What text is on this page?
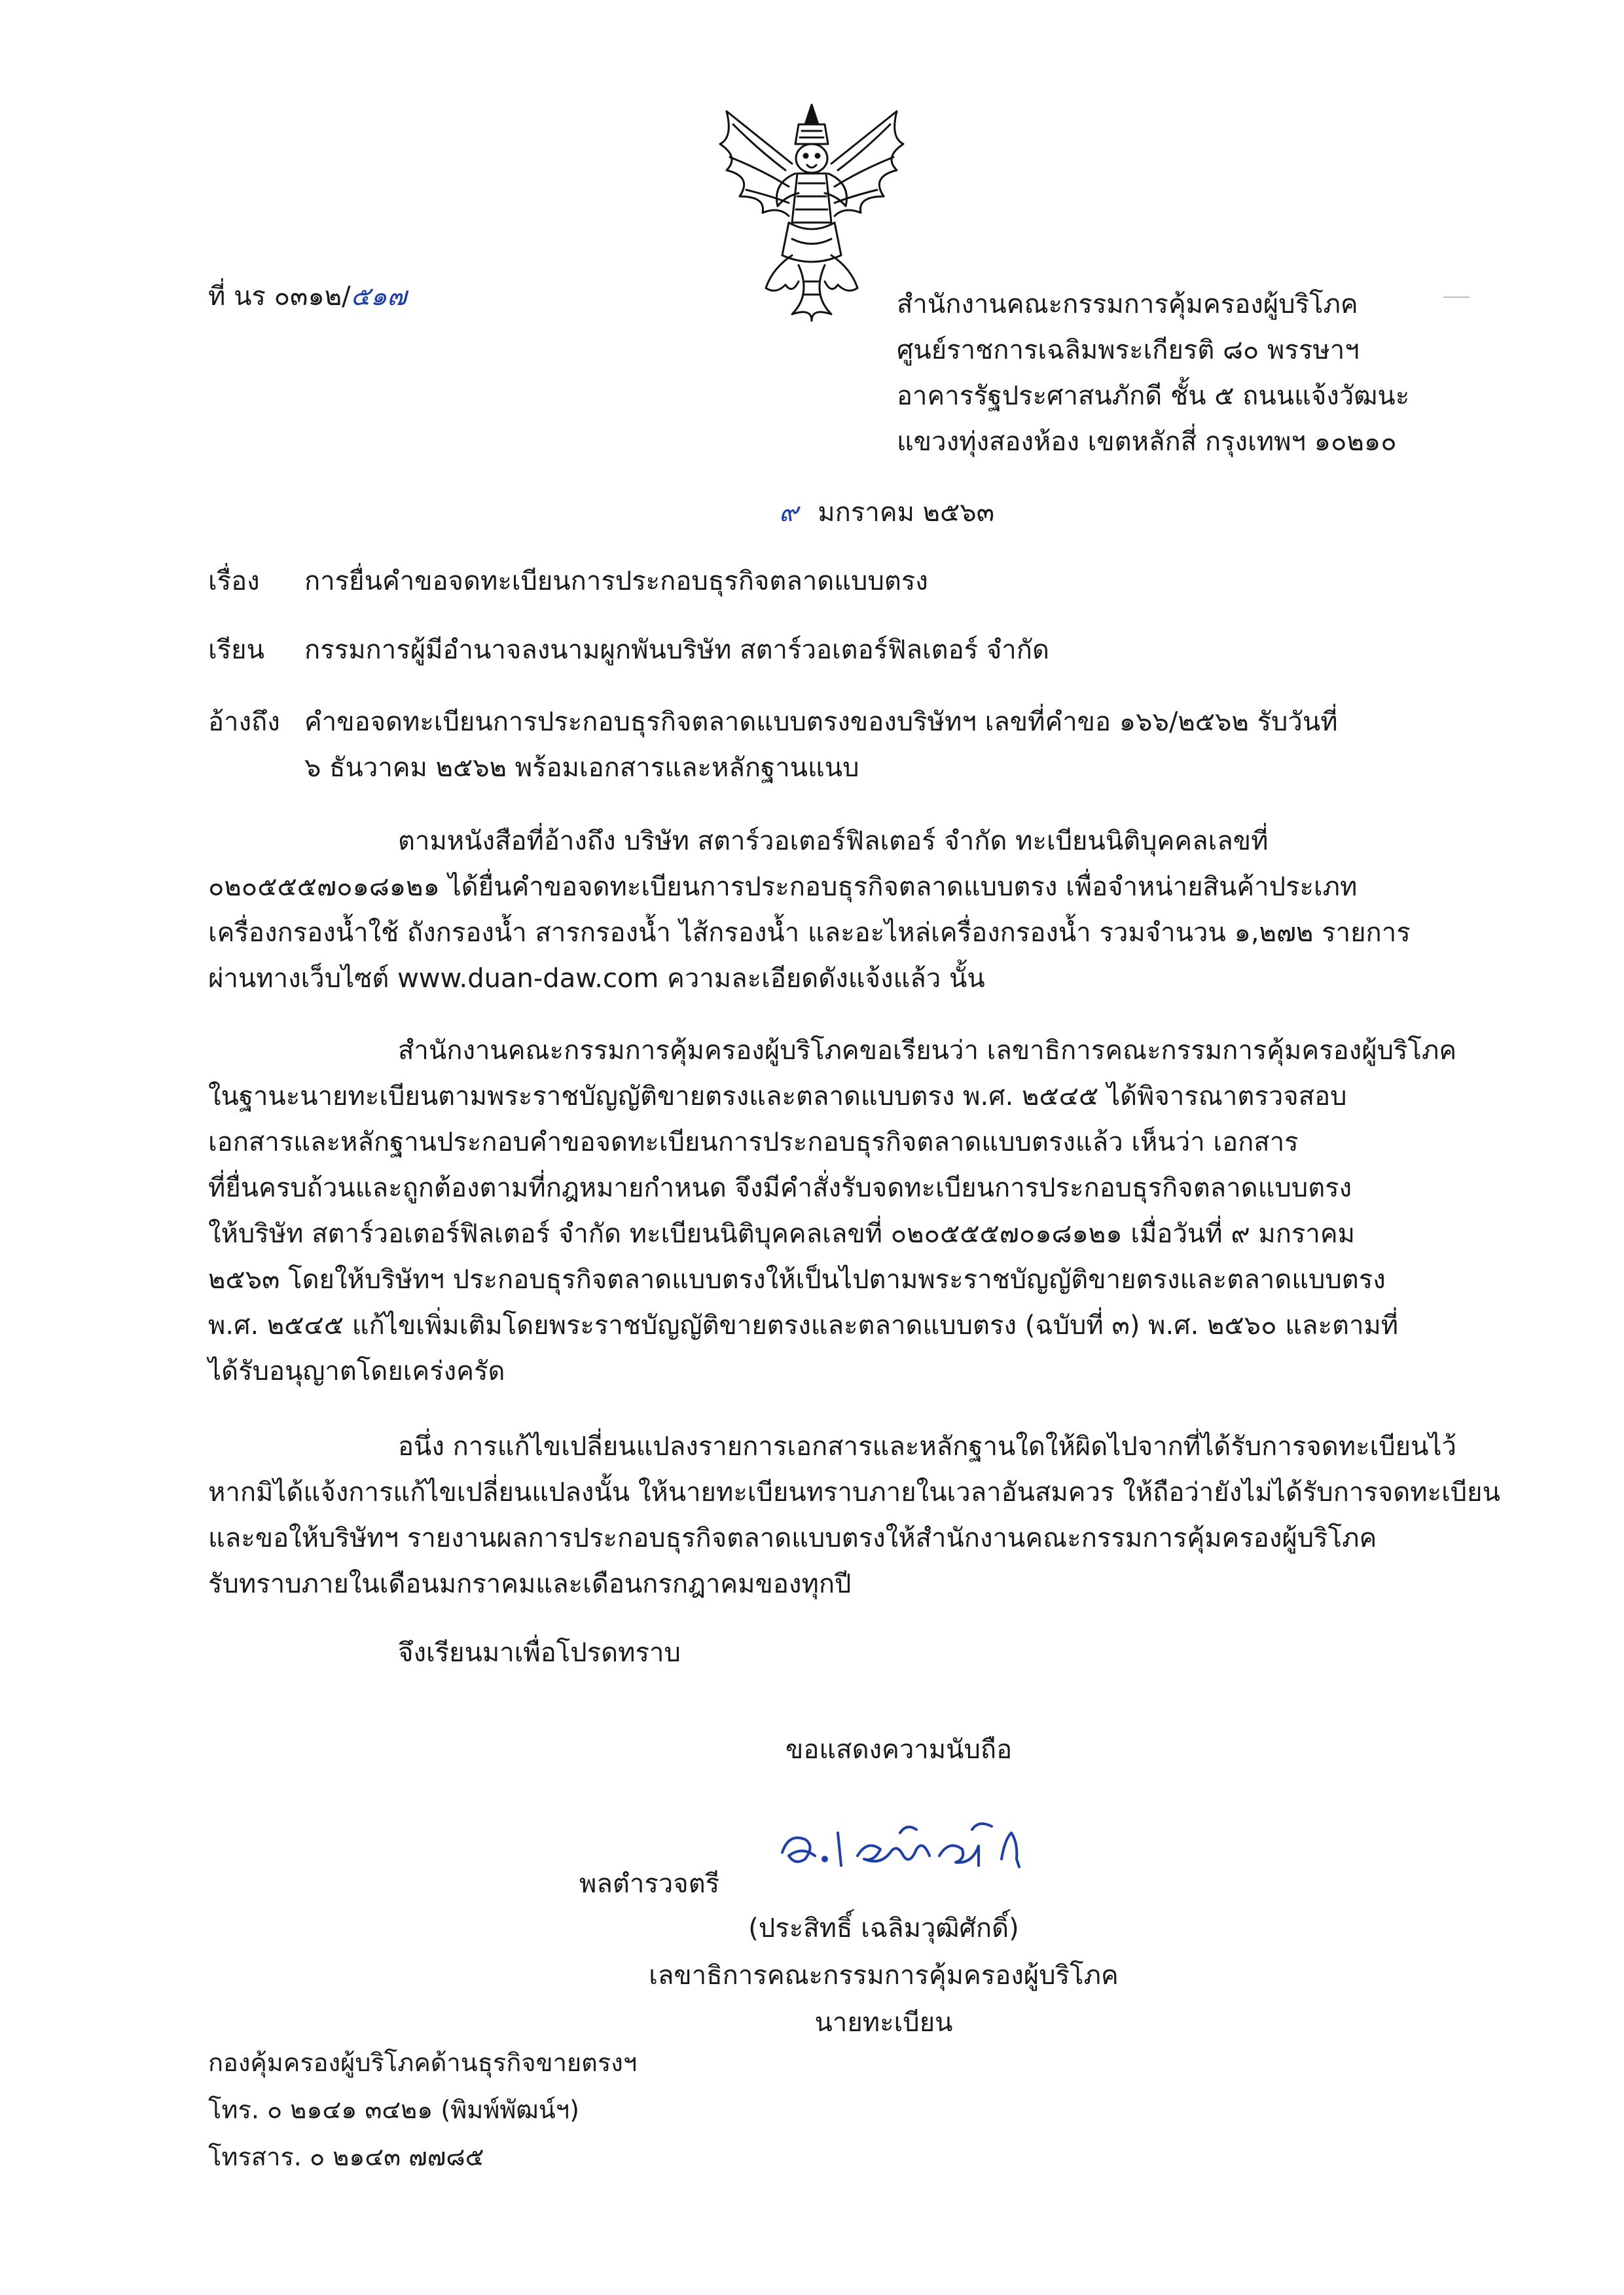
ที่ นร ๐๓๑๒/๕๑๗	สำนักงานคณะกรรมการคุ้มครองผู้บริโภค
ศูนย์ราชการเฉลิมพระเกียรติ ๘๐ พรรษาฯ
อาคารรัฐประศาสนภักดี ชั้น ๕ ถนนแจ้งวัฒนะ
แขวงทุ่งสองห้อง เขตหลักสี่ กรุงเทพฯ ๑๐๒๑๐
๙ มกราคม ๒๕๖๓
เรื่อง การยื่นคำขอจดทะเบียนการประกอบธุรกิจตลาดแบบตรง
เรียน กรรมการผู้มีอำนาจลงนามผูกพันบริษัท สตาร์วอเตอร์ฟิลเตอร์ จำกัด
อ้างถึง คำขอจดทะเบียนการประกอบธุรกิจตลาดแบบตรงของบริษัทฯ เลขที่คำขอ ๑๖๖/๒๕๖๒ รับวันที่
๖ ธันวาคม ๒๕๖๒ พร้อมเอกสารและหลักฐานแนบ

ตามหนังสือที่อ้างถึง บริษัท สตาร์วอเตอร์ฟิลเตอร์ จำกัด ทะเบียนนิติบุคคลเลขที่

๐๒๐๕๕๕๗๐๑๘๑๒๑ ได้ยื่นคำขอจดทะเบียนการประกอบธุรกิจตลาดแบบตรง เพื่อจำหน่ายสินค้าประเภท

เครื่องกรองน้ำใช้ ถังกรองน้ำ สารกรองน้ำ ไส้กรองน้ำ และอะไหล่เครื่องกรองน้ำ รวมจำนวน ๑,๒๗๒ รายการ

ผ่านทางเว็บไซต์ www.duan-daw.com ความละเอียดดังแจ้งแล้ว นั้น

สำนักงานคณะกรรมการคุ้มครองผู้บริโภคขอเรียนว่า เลขาธิการคณะกรรมการคุ้มครองผู้บริโภค

ในฐานะนายทะเบียนตามพระราชบัญญัติขายตรงและตลาดแบบตรง พ.ศ. ๒๕๔๕ ได้พิจารณาตรวจสอบ

เอกสารและหลักฐานประกอบคำขอจดทะเบียนการประกอบธุรกิจตลาดแบบตรงแล้ว เห็นว่า เอกสาร

ที่ยื่นครบถ้วนและถูกต้องตามที่กฎหมายกำหนด จึงมีคำสั่งรับจดทะเบียนการประกอบธุรกิจตลาดแบบตรง

ให้บริษัท สตาร์วอเตอร์ฟิลเตอร์ จำกัด ทะเบียนนิติบุคคลเลขที่ ๐๒๐๕๕๕๗๐๑๘๑๒๑ เมื่อวันที่ ๙ มกราคม

๒๕๖๓ โดยให้บริษัทฯ ประกอบธุรกิจตลาดแบบตรงให้เป็นไปตามพระราชบัญญัติขายตรงและตลาดแบบตรง

พ.ศ. ๒๕๔๕ แก้ไขเพิ่มเติมโดยพระราชบัญญัติขายตรงและตลาดแบบตรง (ฉบับที่ ๓) พ.ศ. ๒๕๖๐ และตามที่

ได้รับอนุญาตโดยเคร่งครัด

อนึ่ง การแก้ไขเปลี่ยนแปลงรายการเอกสารและหลักฐานใดให้ผิดไปจากที่ได้รับการจดทะเบียนไว้

หากมิได้แจ้งการแก้ไขเปลี่ยนแปลงนั้น ให้นายทะเบียนทราบภายในเวลาอันสมควร ให้ถือว่ายังไม่ได้รับการจดทะเบียน

และขอให้บริษัทฯ รายงานผลการประกอบธุรกิจตลาดแบบตรงให้สำนักงานคณะกรรมการคุ้มครองผู้บริโภค

รับทราบภายในเดือนมกราคมและเดือนกรกฎาคมของทุกปี

จึงเรียนมาเพื่อโปรดทราบ

ขอแสดงความนับถือ
พลตำรวจตรี
(ประสิทธิ์ เฉลิมวุฒิศักดิ์)
เลขาธิการคณะกรรมการคุ้มครองผู้บริโภค
นายทะเบียน
กองคุ้มครองผู้บริโภคด้านธุรกิจขายตรงฯ
โทร. ๐ ๒๑๔๑ ๓๔๒๑ (พิมพ์พัฒน์ฯ)
โทรสาร. ๐ ๒๑๔๓ ๗๗๘๕
